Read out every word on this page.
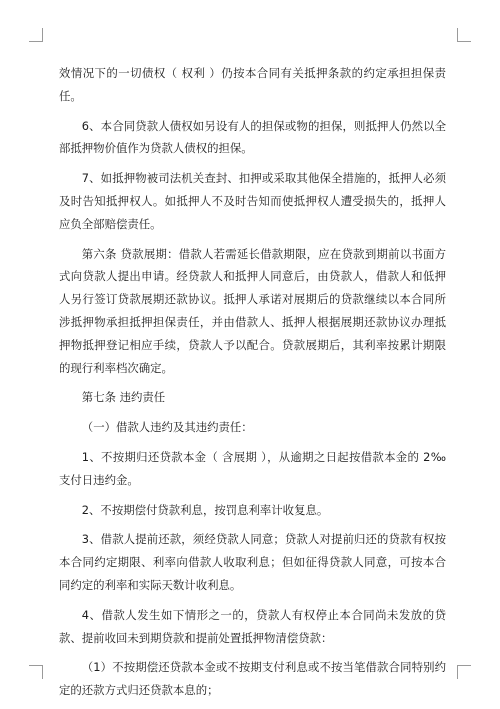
效情况下的一切债权（ 权利 ）仍按本合同有关抵押条款的约定承担担保责任。

6、本合同贷款人债权如另设有人的担保或物的担保，则抵押人仍然以全部抵押物价值作为贷款人债权的担保。

7、如抵押物被司法机关查封、扣押或采取其他保全措施的，抵押人必须及时告知抵押权人。如抵押人不及时告知而使抵押权人遭受损失的，抵押人应负全部赔偿责任。

第六条 贷款展期：借款人若需延长借款期限，应在贷款到期前以书面方式向贷款人提出申请。经贷款人和抵押人同意后，由贷款人，借款人和低押人另行签订贷款展期还款协议。抵押人承诺对展期后的贷款继续以本合同所涉抵押物承担抵押担保责任，并由借款人、抵押人根据展期还款协议办理抵押物抵押登记相应手续，贷款人予以配合。贷款展期后，其利率按累计期限的现行利率档次确定。

第七条 违约责任

（一）借款人违约及其违约责任：

1、不按期归还贷款本金（ 含展期 ），从逾期之日起按借款本金的 2‰支付日违约金。

2、不按期偿付贷款利息，按罚息利率计收复息。

3、借款人提前还款，须经贷款人同意；贷款人对提前归还的贷款有权按本合同约定期限、利率向借款人收取利息；但如征得贷款人同意，可按本合同约定的利率和实际天数计收利息。

4、借款人发生如下情形之一的，贷款人有权停止本合同尚未发放的贷款、提前收回未到期贷款和提前处置抵押物清偿贷款：

（1）不按期偿还贷款本金或不按期支付利息或不按当笔借款合同特别约定的还款方式归还贷款本息的；
